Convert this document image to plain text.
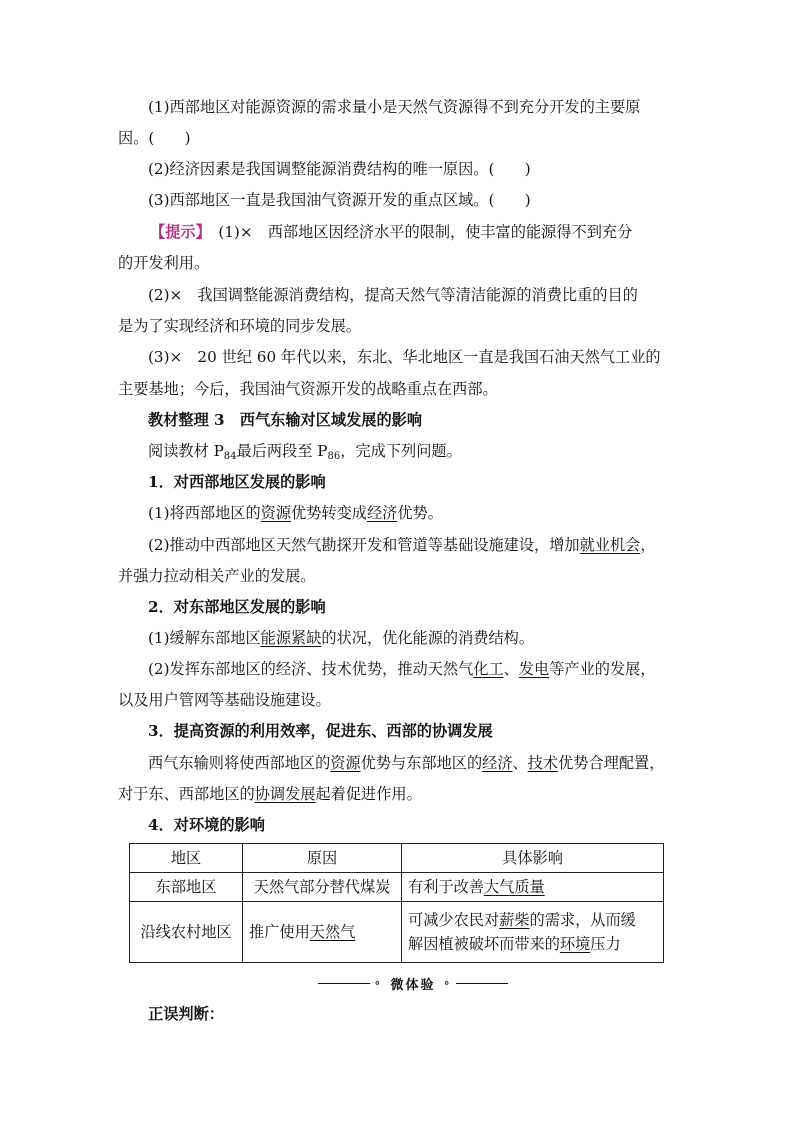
(1)西部地区对能源资源的需求量小是天然气资源得不到充分开发的主要原
因。(　　)
(2)经济因素是我国调整能源消费结构的唯一原因。(　　)
(3)西部地区一直是我国油气资源开发的重点区域。(　　)
【提示】　(1)×　西部地区因经济水平的限制，使丰富的能源得不到充分
的开发利用。
(2)×　我国调整能源消费结构，提高天然气等清洁能源的消费比重的目的
是为了实现经济和环境的同步发展。
(3)×　20 世纪 60 年代以来，东北、华北地区一直是我国石油天然气工业的
主要基地；今后，我国油气资源开发的战略重点在西部。
教材整理 3　西气东输对区域发展的影响
阅读教材 $P_{84}$最后两段至 $P_{86}$，完成下列问题。
1．对西部地区发展的影响
(1)将西部地区的资源优势转变成经济优势。
(2)推动中西部地区天然气勘探开发和管道等基础设施建设，增加就业机会，
并强力拉动相关产业的发展。
2．对东部地区发展的影响
(1)缓解东部地区能源紧缺的状况，优化能源的消费结构。
(2)发挥东部地区的经济、技术优势，推动天然气化工、发电等产业的发展，
以及用户管网等基础设施建设。
3．提高资源的利用效率，促进东、西部的协调发展
西气东输则将使西部地区的资源优势与东部地区的经济、技术优势合理配置，
对于东、西部地区的协调发展起着促进作用。
4．对环境的影响
地区	原因	具体影响
东部地区	天然气部分替代煤炭	有利于改善大气质量
沿线农村地区	推广使用天然气	可减少农民对薪柴的需求，从而缓
解因植被破坏而带来的环境压力
∘ 微体验 ∘
正误判断：
